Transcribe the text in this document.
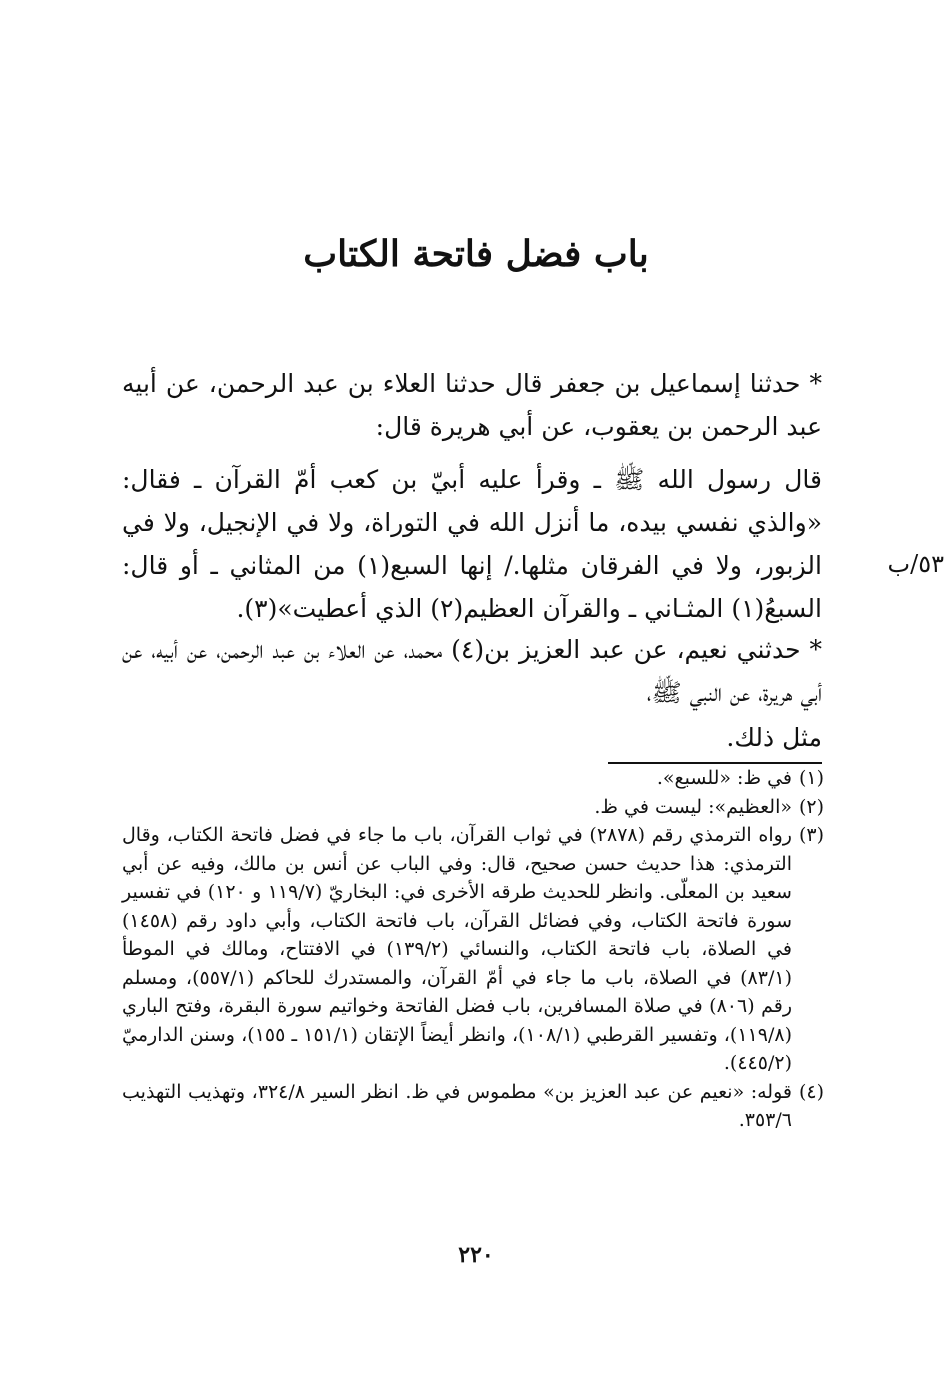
باب فضل فاتحة الكتاب

* حدثنا إسماعيل بن جعفر قال حدثنا العلاء بن عبد الرحمن، عن أبيه عبد الرحمن بن يعقوب، عن أبي هريرة قال:

قال رسول الله ﷺ ـ وقرأ عليه أبيّ بن كعب أمّ القرآن ـ فقال: «والذي نفسي بيده، ما أنزل الله في التوراة، ولا في الإنجيل، ولا في الزبور، ولا في الفرقان مثلها./ إنها السبع(١) من المثاني ـ أو قال: السبعُ(١) المثـاني ـ والقرآن العظيم(٢) الذي أعطيت»(٣).

٥٣/ب

* حدثني نعيم، عن عبد العزيز بن(٤) محمد، عن العلاء بن عبد الرحمن، عن أبيه، عن أبي هريرة، عن النبي ﷺ،

مثل ذلك.

(١)
في ظ: «للسبع».
(٢)
«العظيم»: ليست في ظ.
(٣)
رواه الترمذي رقم (٢٨٧٨) في ثواب القرآن، باب ما جاء في فضل فاتحة الكتاب، وقال الترمذي: هذا حديث حسن صحيح، قال: وفي الباب عن أنس بن مالك، وفيه عن أبي سعيد بن المعلّى. وانظر للحديث طرقه الأخرى في: البخاريّ (١١٩/٧ و ١٢٠) في تفسير سورة فاتحة الكتاب، وفي فضائل القرآن، باب فاتحة الكتاب، وأبي داود رقم (١٤٥٨) في الصلاة، باب فاتحة الكتاب، والنسائي (١٣٩/٢) في الافتتاح، ومالك في الموطأ (٨٣/١) في الصلاة، باب ما جاء في أمّ القرآن، والمستدرك للحاكم (٥٥٧/١)، ومسلم رقم (٨٠٦) في صلاة المسافرين، باب فضل الفاتحة وخواتيم سورة البقرة، وفتح الباري (١١٩/٨)، وتفسير القرطبي (١٠٨/١)، وانظر أيضاً الإتقان (١٥١/١ ـ ١٥٥)، وسنن الدارميّ (٤٤٥/٢).
(٤)
قوله: «نعيم عن عبد العزيز بن» مطموس في ظ. انظر السير ٣٢٤/٨، وتهذيب التهذيب ٣٥٣/٦.
٢٢٠
